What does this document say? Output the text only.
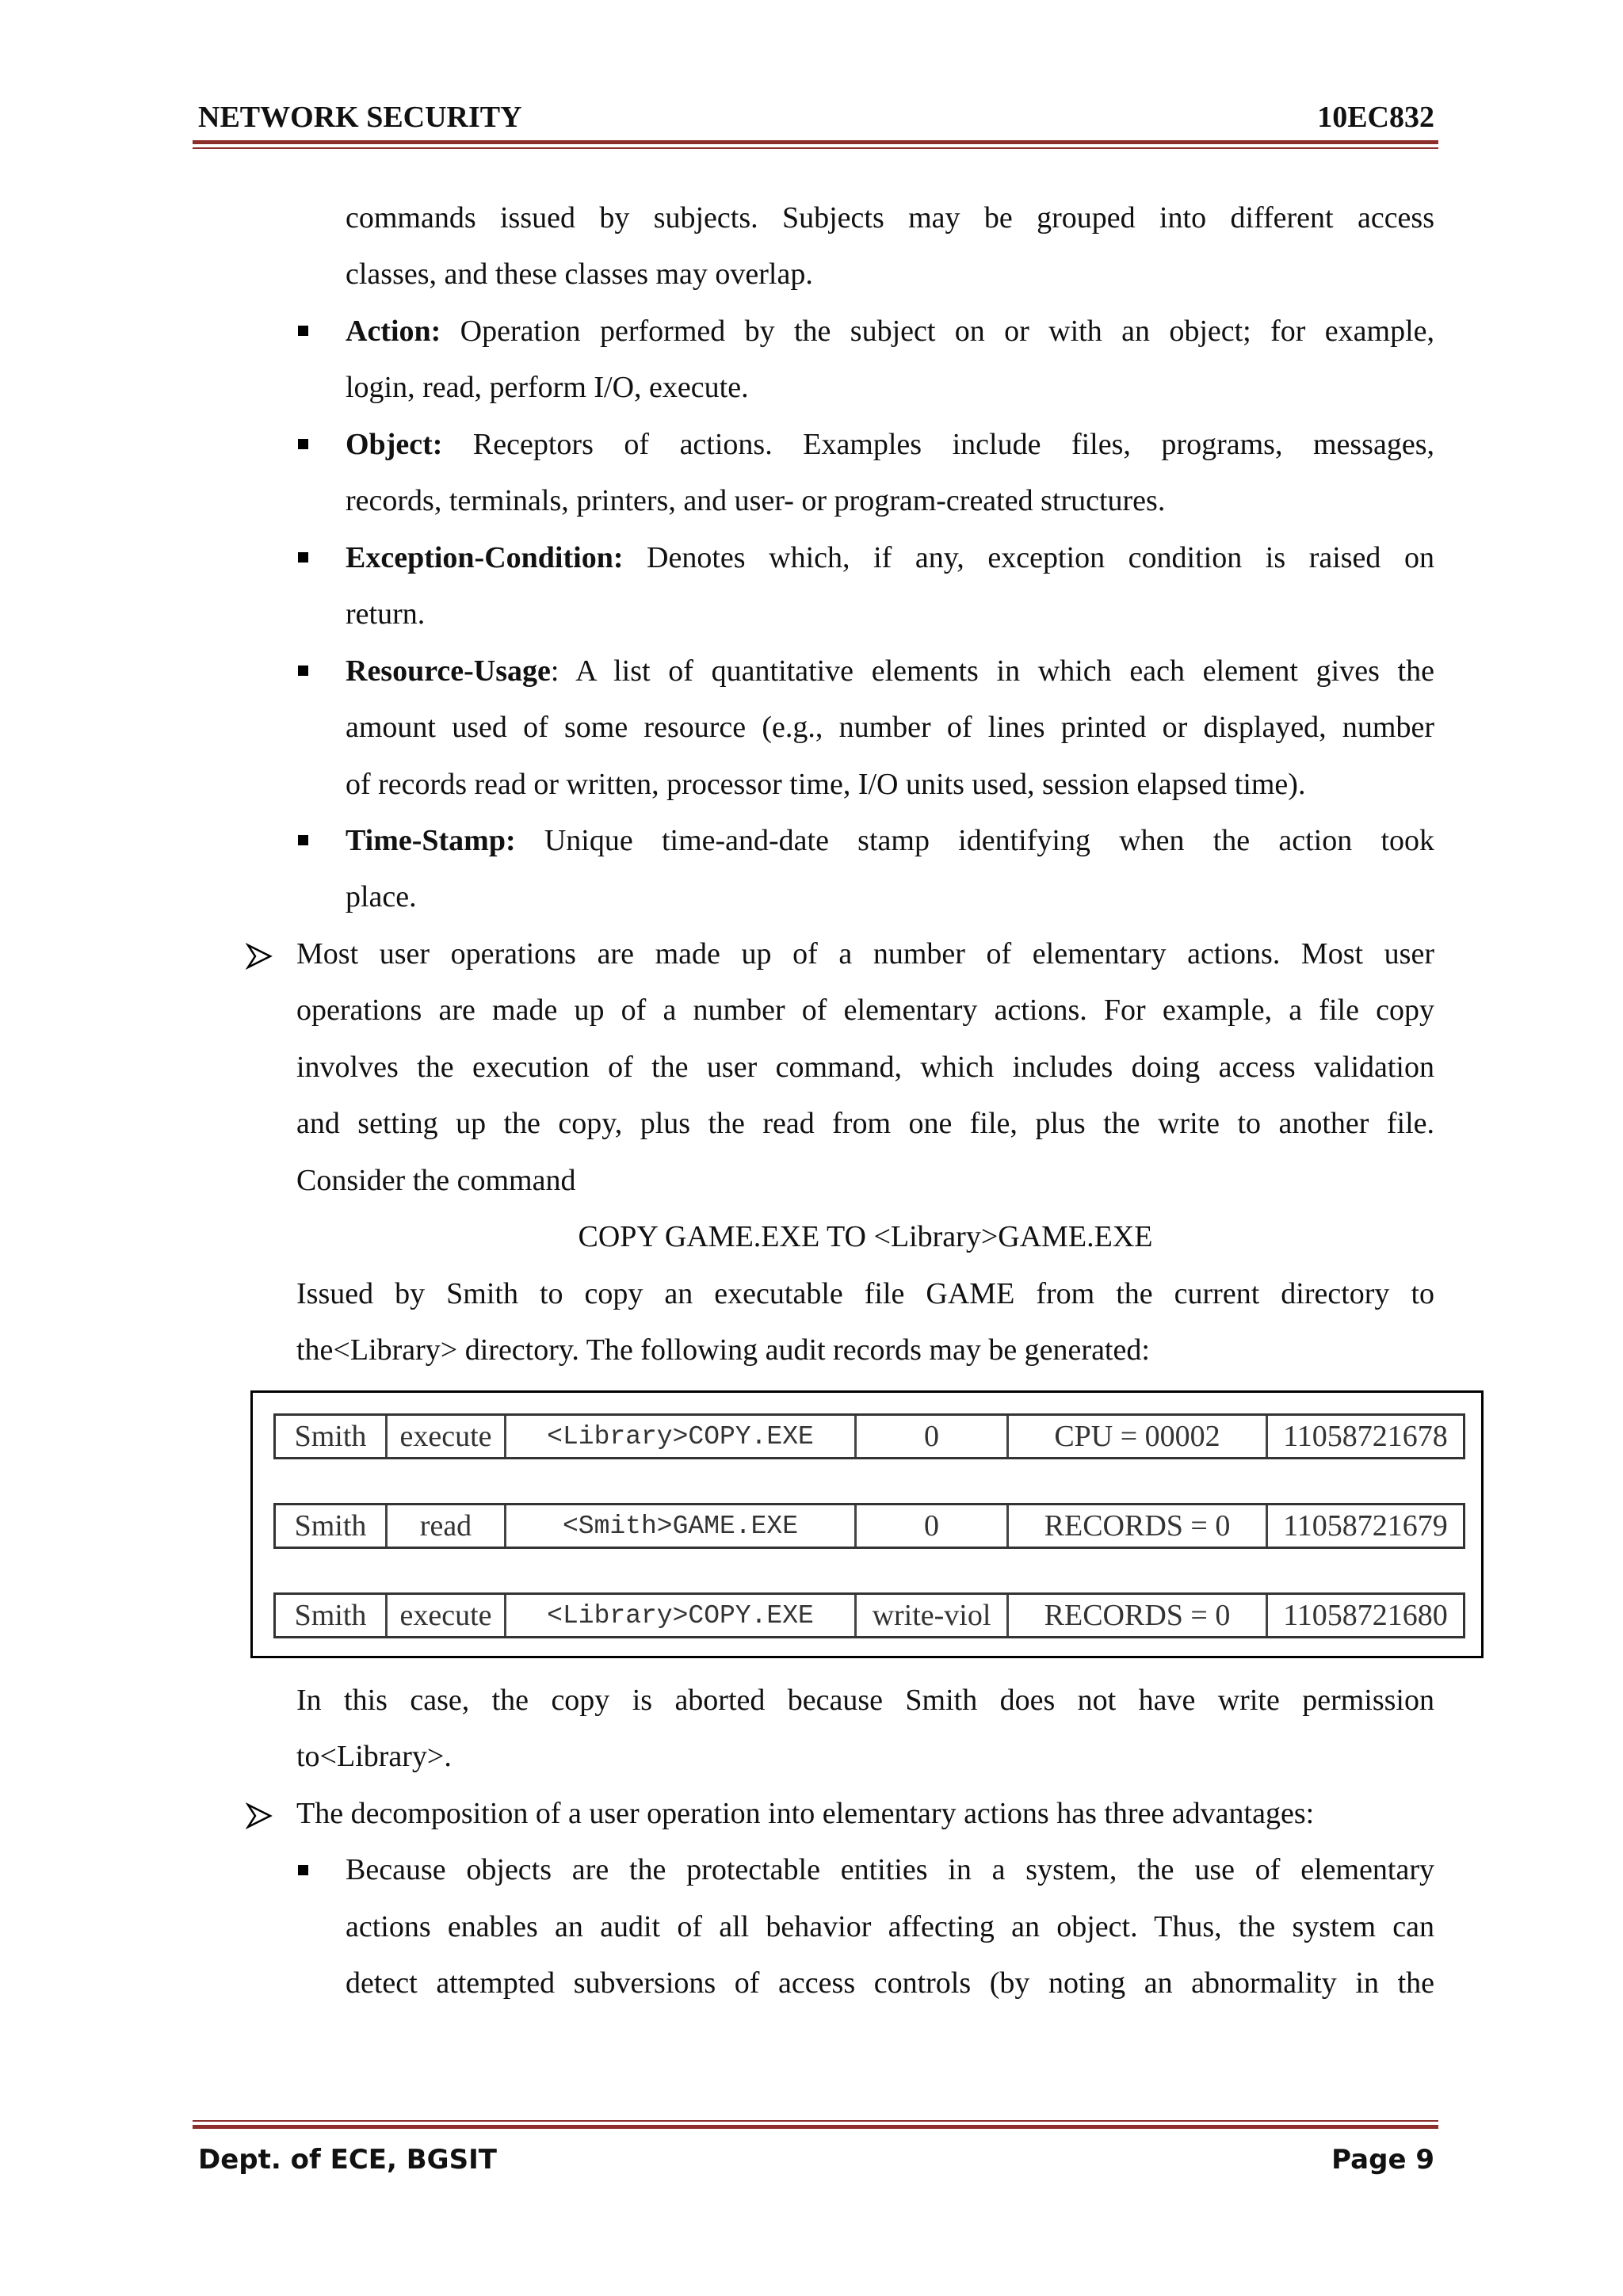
NETWORK SECURITY	10EC832

commands issued by subjects. Subjects may be grouped into different access

classes, and these classes may overlap.

Action: Operation performed by the subject on or with an object; for example,

login, read, perform I/O, execute.

Object: Receptors of actions. Examples include files, programs, messages,

records, terminals, printers, and user- or program-created structures.

Exception-Condition: Denotes which, if any, exception condition is raised on

return.

Resource-Usage: A list of quantitative elements in which each element gives the

amount used of some resource (e.g., number of lines printed or displayed, number

of records read or written, processor time, I/O units used, session elapsed time).

Time-Stamp: Unique time-and-date stamp identifying when the action took

place.

Most user operations are made up of a number of elementary actions. Most user

operations are made up of a number of elementary actions. For example, a file copy

involves the execution of the user command, which includes doing access validation

and setting up the copy, plus the read from one file, plus the write to another file.

Consider the command

COPY GAME.EXE TO <Library>GAME.EXE

Issued by Smith to copy an executable file GAME from the current directory to

the<Library> directory. The following audit records may be generated:

Smith	execute	<Library>COPY.EXE	0	CPU = 00002	11058721678
Smith	read	<Smith>GAME.EXE	0	RECORDS = 0	11058721679
Smith	execute	<Library>COPY.EXE	write-viol	RECORDS = 0	11058721680

In this case, the copy is aborted because Smith does not have write permission

to<Library>.

The decomposition of a user operation into elementary actions has three advantages:

Because objects are the protectable entities in a system, the use of elementary

actions enables an audit of all behavior affecting an object. Thus, the system can

detect attempted subversions of access controls (by noting an abnormality in the

Dept. of ECE, BGSIT	Page 9
